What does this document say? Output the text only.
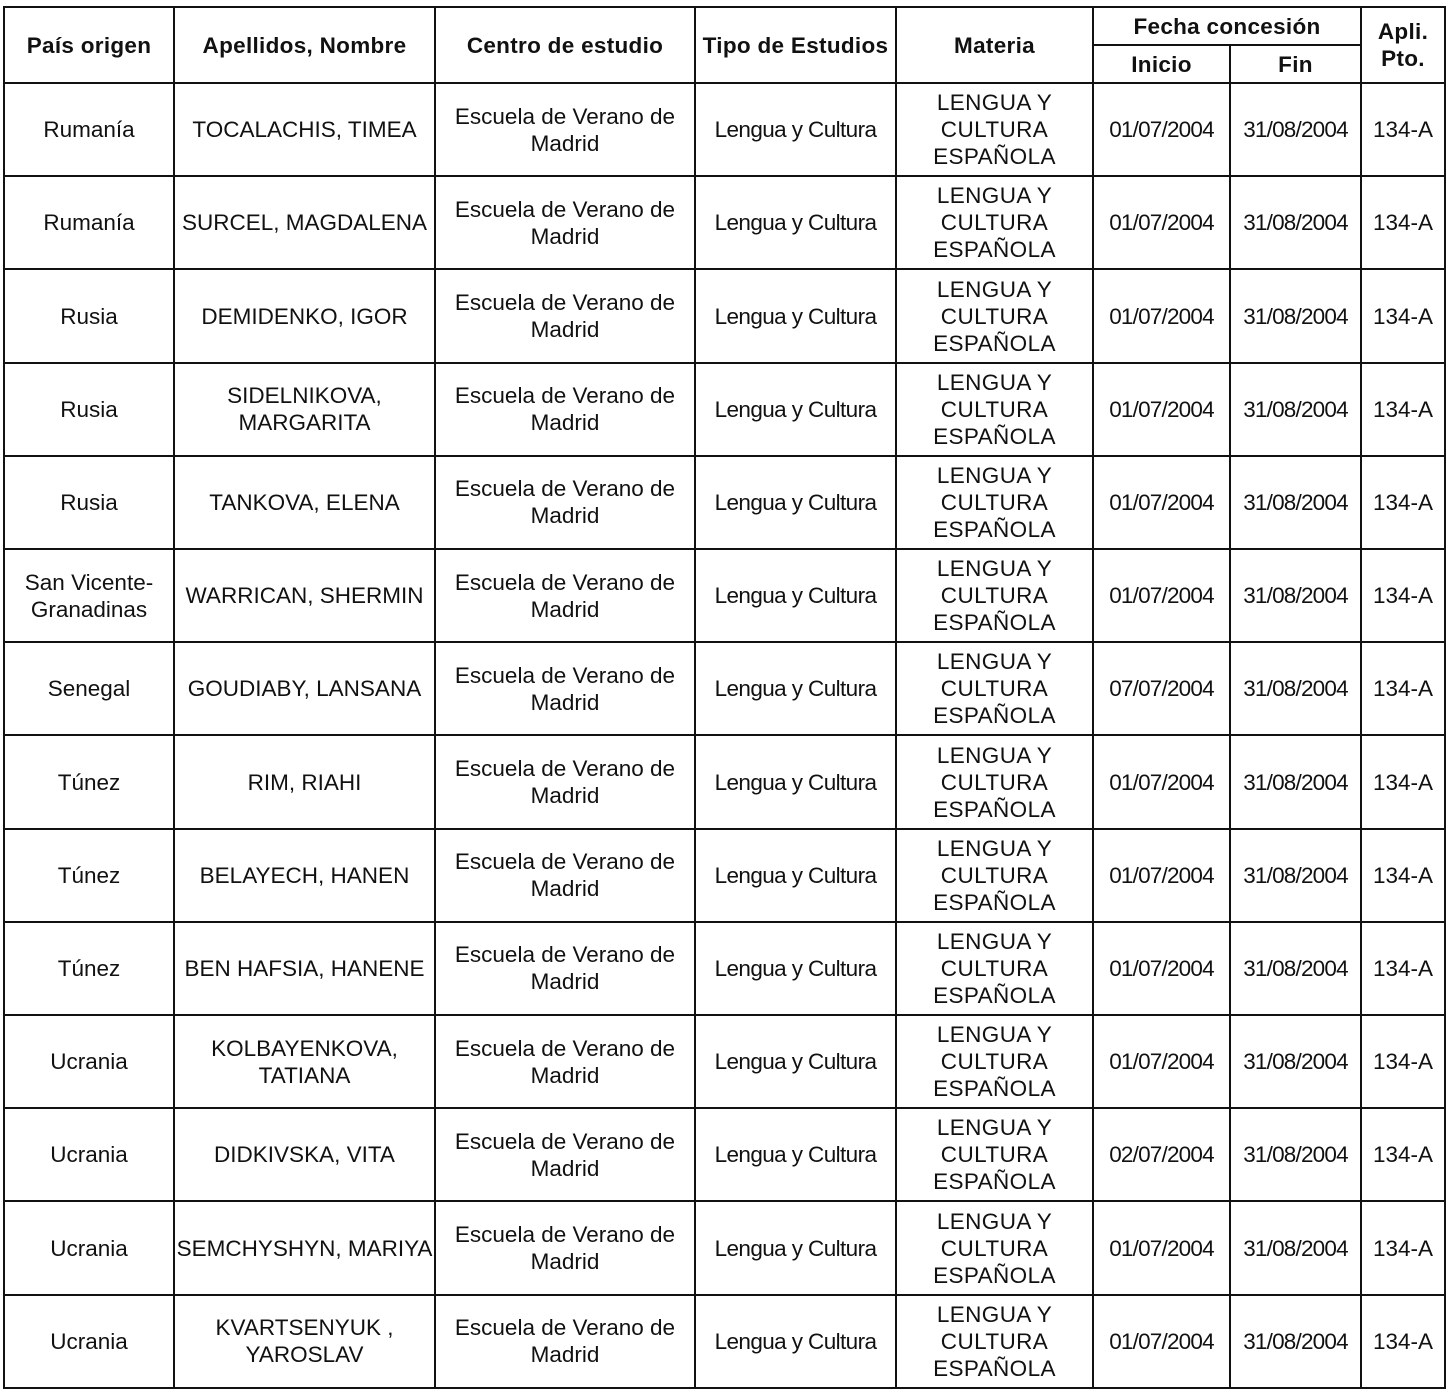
País origen	Apellidos, Nombre	Centro de estudio	Tipo de Estudios	Materia	Fecha concesión		Apli. Pto.
					Inicio	Fin	
Rumanía	TOCALACHIS, TIMEA	Escuela de Verano de Madrid	Lengua y Cultura	LENGUA Y CULTURA ESPAÑOLA	01/07/2004	31/08/2004	134-A
Rumanía	SURCEL, MAGDALENA	Escuela de Verano de Madrid	Lengua y Cultura	LENGUA Y CULTURA ESPAÑOLA	01/07/2004	31/08/2004	134-A
Rusia	DEMIDENKO, IGOR	Escuela de Verano de Madrid	Lengua y Cultura	LENGUA Y CULTURA ESPAÑOLA	01/07/2004	31/08/2004	134-A
Rusia	SIDELNIKOVA, MARGARITA	Escuela de Verano de Madrid	Lengua y Cultura	LENGUA Y CULTURA ESPAÑOLA	01/07/2004	31/08/2004	134-A
Rusia	TANKOVA, ELENA	Escuela de Verano de Madrid	Lengua y Cultura	LENGUA Y CULTURA ESPAÑOLA	01/07/2004	31/08/2004	134-A
San Vicente-Granadinas	WARRICAN, SHERMIN	Escuela de Verano de Madrid	Lengua y Cultura	LENGUA Y CULTURA ESPAÑOLA	01/07/2004	31/08/2004	134-A
Senegal	GOUDIABY, LANSANA	Escuela de Verano de Madrid	Lengua y Cultura	LENGUA Y CULTURA ESPAÑOLA	07/07/2004	31/08/2004	134-A
Túnez	RIM, RIAHI	Escuela de Verano de Madrid	Lengua y Cultura	LENGUA Y CULTURA ESPAÑOLA	01/07/2004	31/08/2004	134-A
Túnez	BELAYECH, HANEN	Escuela de Verano de Madrid	Lengua y Cultura	LENGUA Y CULTURA ESPAÑOLA	01/07/2004	31/08/2004	134-A
Túnez	BEN HAFSIA, HANENE	Escuela de Verano de Madrid	Lengua y Cultura	LENGUA Y CULTURA ESPAÑOLA	01/07/2004	31/08/2004	134-A
Ucrania	KOLBAYENKOVA, TATIANA	Escuela de Verano de Madrid	Lengua y Cultura	LENGUA Y CULTURA ESPAÑOLA	01/07/2004	31/08/2004	134-A
Ucrania	DIDKIVSKA, VITA	Escuela de Verano de Madrid	Lengua y Cultura	LENGUA Y CULTURA ESPAÑOLA	02/07/2004	31/08/2004	134-A
Ucrania	SEMCHYSHYN, MARIYA	Escuela de Verano de Madrid	Lengua y Cultura	LENGUA Y CULTURA ESPAÑOLA	01/07/2004	31/08/2004	134-A
Ucrania	KVARTSENYUK , YAROSLAV	Escuela de Verano de Madrid	Lengua y Cultura	LENGUA Y CULTURA ESPAÑOLA	01/07/2004	31/08/2004	134-A
